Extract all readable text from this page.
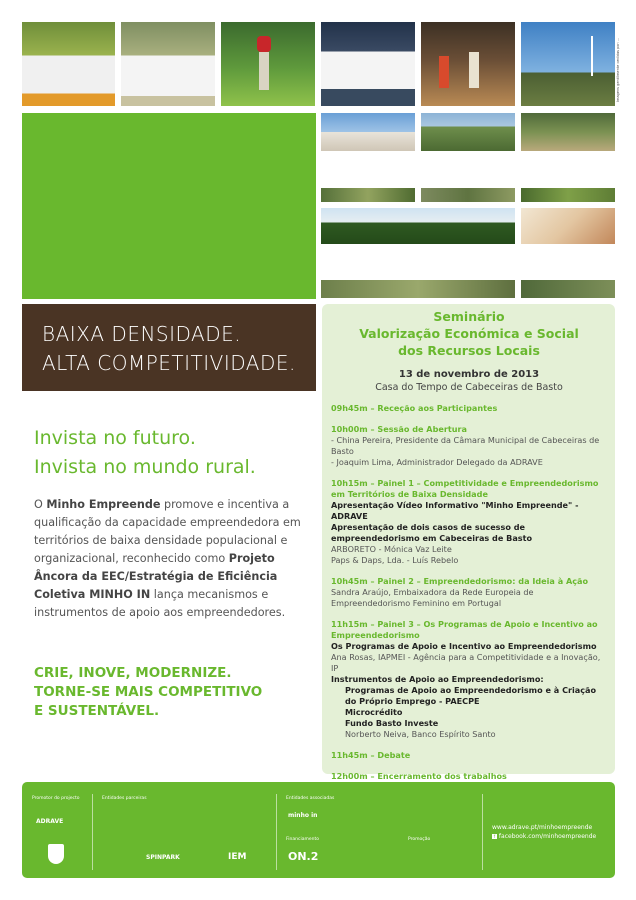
Imagens gentilmente cedidas por: ...
BAIXA DENSIDADE.
ALTA COMPETITIVIDADE.
Invista no futuro.
Invista no mundo rural.
O Minho Empreende promove e incentiva a qualificação da capacidade empreendedora em territórios de baixa densidade populacional e organizacional, reconhecido como Projeto Âncora da EEC/Estratégia de Eficiência Coletiva MINHO IN lança mecanismos e instrumentos de apoio aos empreendedores.
CRIE, INOVE, MODERNIZE.
TORNE-SE MAIS COMPETITIVO
E SUSTENTÁVEL.
Seminário
Valorização Económica e Social
dos Recursos Locais
13 de novembro de 2013
Casa do Tempo de Cabeceiras de Basto
09h45m – Receção aos Participantes
10h00m – Sessão de Abertura
- China Pereira, Presidente da Câmara Municipal de Cabeceiras de Basto
- Joaquim Lima, Administrador Delegado da ADRAVE
10h15m – Painel 1 – Competitividade e Empreendedorismo em Territórios de Baixa Densidade
Apresentação Vídeo Informativo "Minho Empreende" - ADRAVE
Apresentação de dois casos de sucesso de empreendedorismo em Cabeceiras de Basto
ARBORETO - Mónica Vaz Leite
Paps & Daps, Lda. - Luís Rebelo
10h45m – Painel 2 – Empreendedorismo: da Ideia à Ação
Sandra Araújo, Embaixadora da Rede Europeia de Empreendedorismo Feminino em Portugal
11h15m – Painel 3 – Os Programas de Apoio e Incentivo ao Empreendedorismo
Os Programas de Apoio e Incentivo ao Empreendedorismo
Ana Rosas, IAPMEI - Agência para a Competitividade e a Inovação, IP
Instrumentos de Apoio ao Empreendedorismo:
Programas de Apoio ao Empreendedorismo e à Criação do Próprio Emprego - PAECPE
Microcrédito
Fundo Basto Investe
Norberto Neiva, Banco Espírito Santo
11h45m – Debate
12h00m – Encerramento dos trabalhos
Promotor do projecto	Entidades parceiras	Entidades associadas
Financiamento	Promoção
ADRAVE
SPINPARK	IEM
minho in
ON.2
www.adrave.pt/minhoempreende
f facebook.com/minhoempreende
